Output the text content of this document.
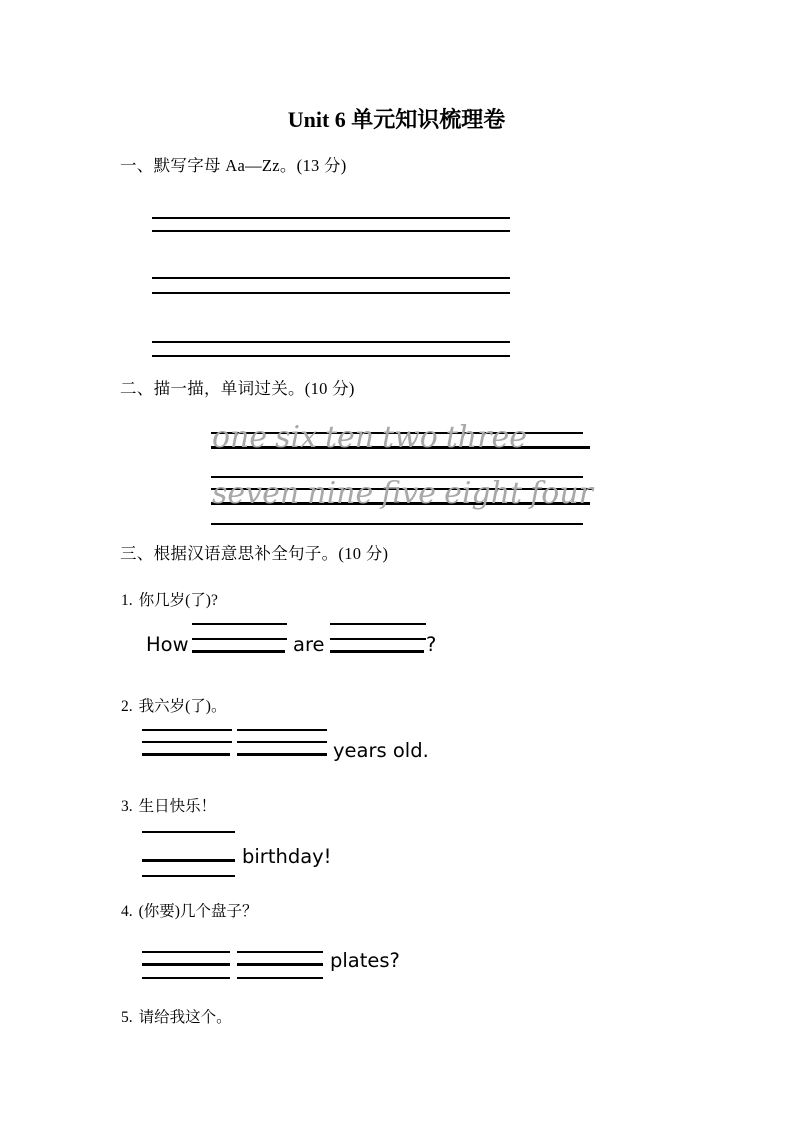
Unit 6 单元知识梳理卷
一、默写字母 Aa—Zz。(13 分)
二、描一描，单词过关。(10 分)
one six ten two three
seven nine five eight four
三、根据汉语意思补全句子。(10 分)
1. 你几岁(了)?
How	are	?
2. 我六岁(了)。
years old.
3. 生日快乐！
birthday!
4. (你要)几个盘子？
plates?
5. 请给我这个。
